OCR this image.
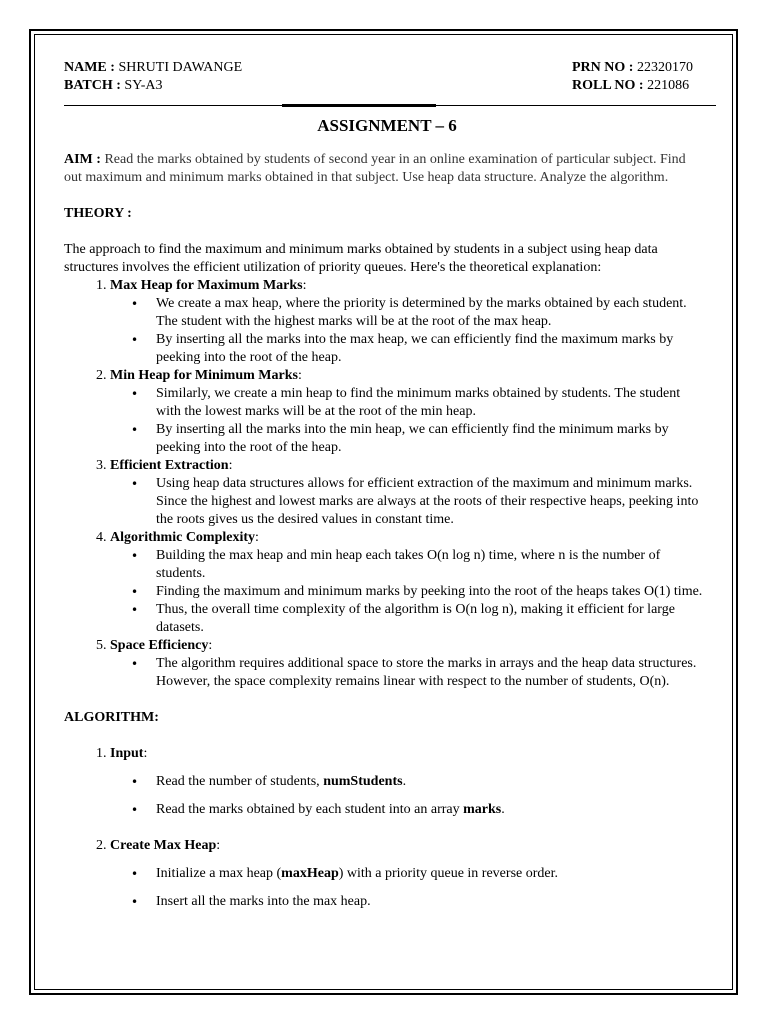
NAME : SHRUTI DAWANGE	PRN NO : 22320170
BATCH : SY-A3	ROLL NO : 221086
ASSIGNMENT – 6
AIM : Read the marks obtained by students of second year in an online examination of particular subject. Find out maximum and minimum marks obtained in that subject. Use heap data structure. Analyze the algorithm.
THEORY :
The approach to find the maximum and minimum marks obtained by students in a subject using heap data structures involves the efficient utilization of priority queues. Here's the theoretical explanation:
1. Max Heap for Maximum Marks:
• We create a max heap, where the priority is determined by the marks obtained by each student. The student with the highest marks will be at the root of the max heap.
• By inserting all the marks into the max heap, we can efficiently find the maximum marks by peeking into the root of the heap.
2. Min Heap for Minimum Marks:
• Similarly, we create a min heap to find the minimum marks obtained by students. The student with the lowest marks will be at the root of the min heap.
• By inserting all the marks into the min heap, we can efficiently find the minimum marks by peeking into the root of the heap.
3. Efficient Extraction:
• Using heap data structures allows for efficient extraction of the maximum and minimum marks. Since the highest and lowest marks are always at the roots of their respective heaps, peeking into the roots gives us the desired values in constant time.
4. Algorithmic Complexity:
• Building the max heap and min heap each takes O(n log n) time, where n is the number of students.
• Finding the maximum and minimum marks by peeking into the root of the heaps takes O(1) time.
• Thus, the overall time complexity of the algorithm is O(n log n), making it efficient for large datasets.
5. Space Efficiency:
• The algorithm requires additional space to store the marks in arrays and the heap data structures. However, the space complexity remains linear with respect to the number of students, O(n).
ALGORITHM:
1. Input:
• Read the number of students, numStudents.
• Read the marks obtained by each student into an array marks.
2. Create Max Heap:
• Initialize a max heap (maxHeap) with a priority queue in reverse order.
• Insert all the marks into the max heap.
